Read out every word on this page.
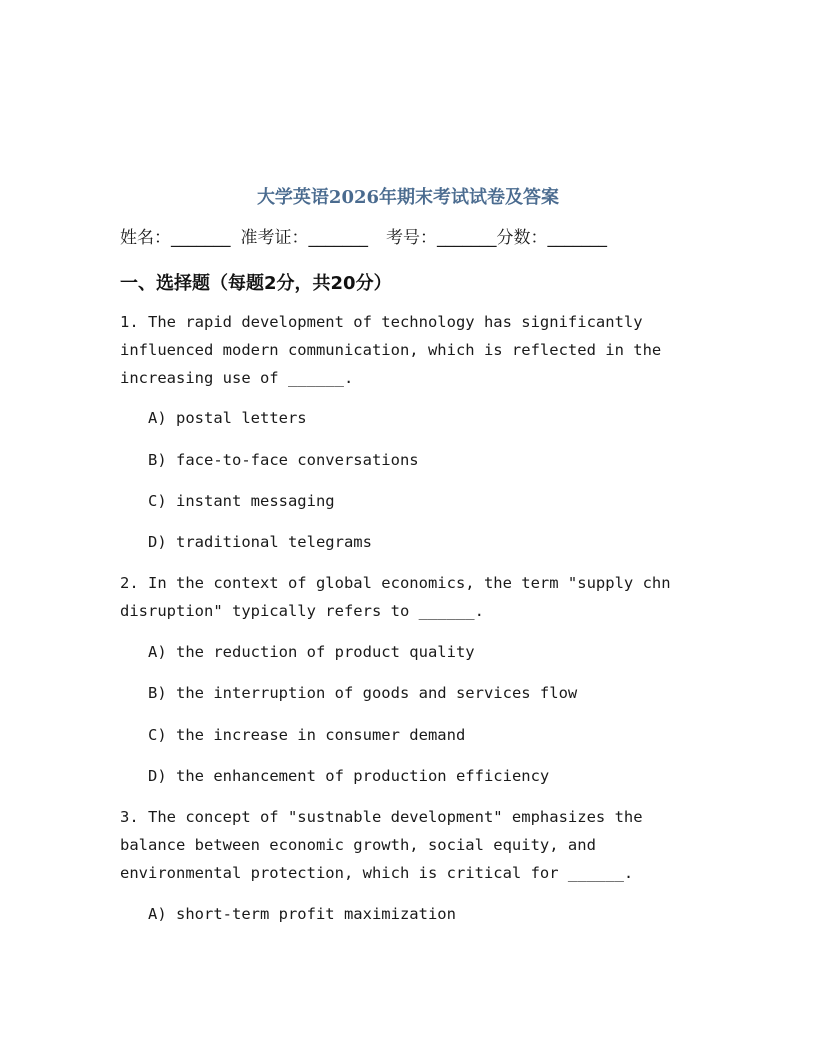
大学英语2026年期末考试试卷及答案
姓名：_______ 准考证：_______ 考号：_______分数：_______
一、选择题（每题2分，共20分）
1. The rapid development of technology has significantly
influenced modern communication, which is reflected in the
increasing use of ______.
A) postal letters
B) face-to-face conversations
C) instant messaging
D) traditional telegrams
2. In the context of global economics, the term "supply chn
disruption" typically refers to ______.
A) the reduction of product quality
B) the interruption of goods and services flow
C) the increase in consumer demand
D) the enhancement of production efficiency
3. The concept of "sustnable development" emphasizes the
balance between economic growth, social equity, and
environmental protection, which is critical for ______.
A) short-term profit maximization
